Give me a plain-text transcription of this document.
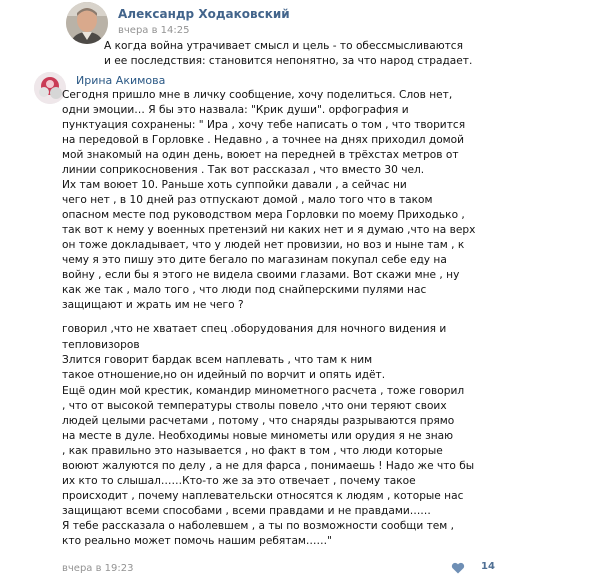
Александр Ходаковский
вчера в 14:25
А когда война утрачивает смысл и цель - то обессмысливаются
и ее последствия: становится непонятно, за что народ страдает.
Ирина Акимова
Сегодня пришло мне в личку сообщение, хочу поделиться. Слов нет,
одни эмоции… Я бы это назвала: "Крик души". орфография и
пунктуация сохранены: " Ира , хочу тебе написать о том , что творится
на передовой в Горловке . Недавно , а точнее на днях приходил домой
мой знакомый на один день, воюет на передней в трёхстах метров от
линии соприкосновения . Так вот рассказал , что вместо 30 чел.
Их там воюет 10. Раньше хоть суппойки давали , а сейчас ни
чего нет , в 10 дней раз отпускают домой , мало того что в таком
опасном месте под руководством мера Горловки по моему Приходько ,
так вот к нему у военных претензий ни каких нет и я думаю ,что на верх
он тоже докладывает, что у людей нет провизии, но воз и ныне там , к
чему я это пишу это дите бегало по магазинам покупал себе еду на
войну , если бы я этого не видела своими глазами. Вот скажи мне , ну
как же так , мало того , что люди под снайперскими пулями нас
защищают и жрать им не чего ?
говорил ,что не хватает спец .оборудования для ночного видения и
тепловизоров
Злится говорит бардак всем наплевать , что там к ним
такое отношение,но он идейный по ворчит и опять идёт.
Ещё один мой крестик, командир минометного расчета , тоже говорил
, что от высокой температуры стволы повело ,что они теряют своих
людей целыми расчетами , потому , что снаряды разрываются прямо
на месте в дуле. Необходимы новые минометы или орудия я не знаю
, как правильно это называется , но факт в том , что люди которые
воюют жалуются по делу , а не для фарса , понимаешь ! Надо же что бы
их кто то слышал……Кто-то же за это отвечает , почему такое
происходит , почему наплевательски относятся к людям , которые нас
защищают всеми способами , всеми правдами и не правдами……
Я тебе рассказала о наболевшем , а ты по возможности сообщи тем ,
кто реально может помочь нашим ребятам……"
вчера в 19:23	14
